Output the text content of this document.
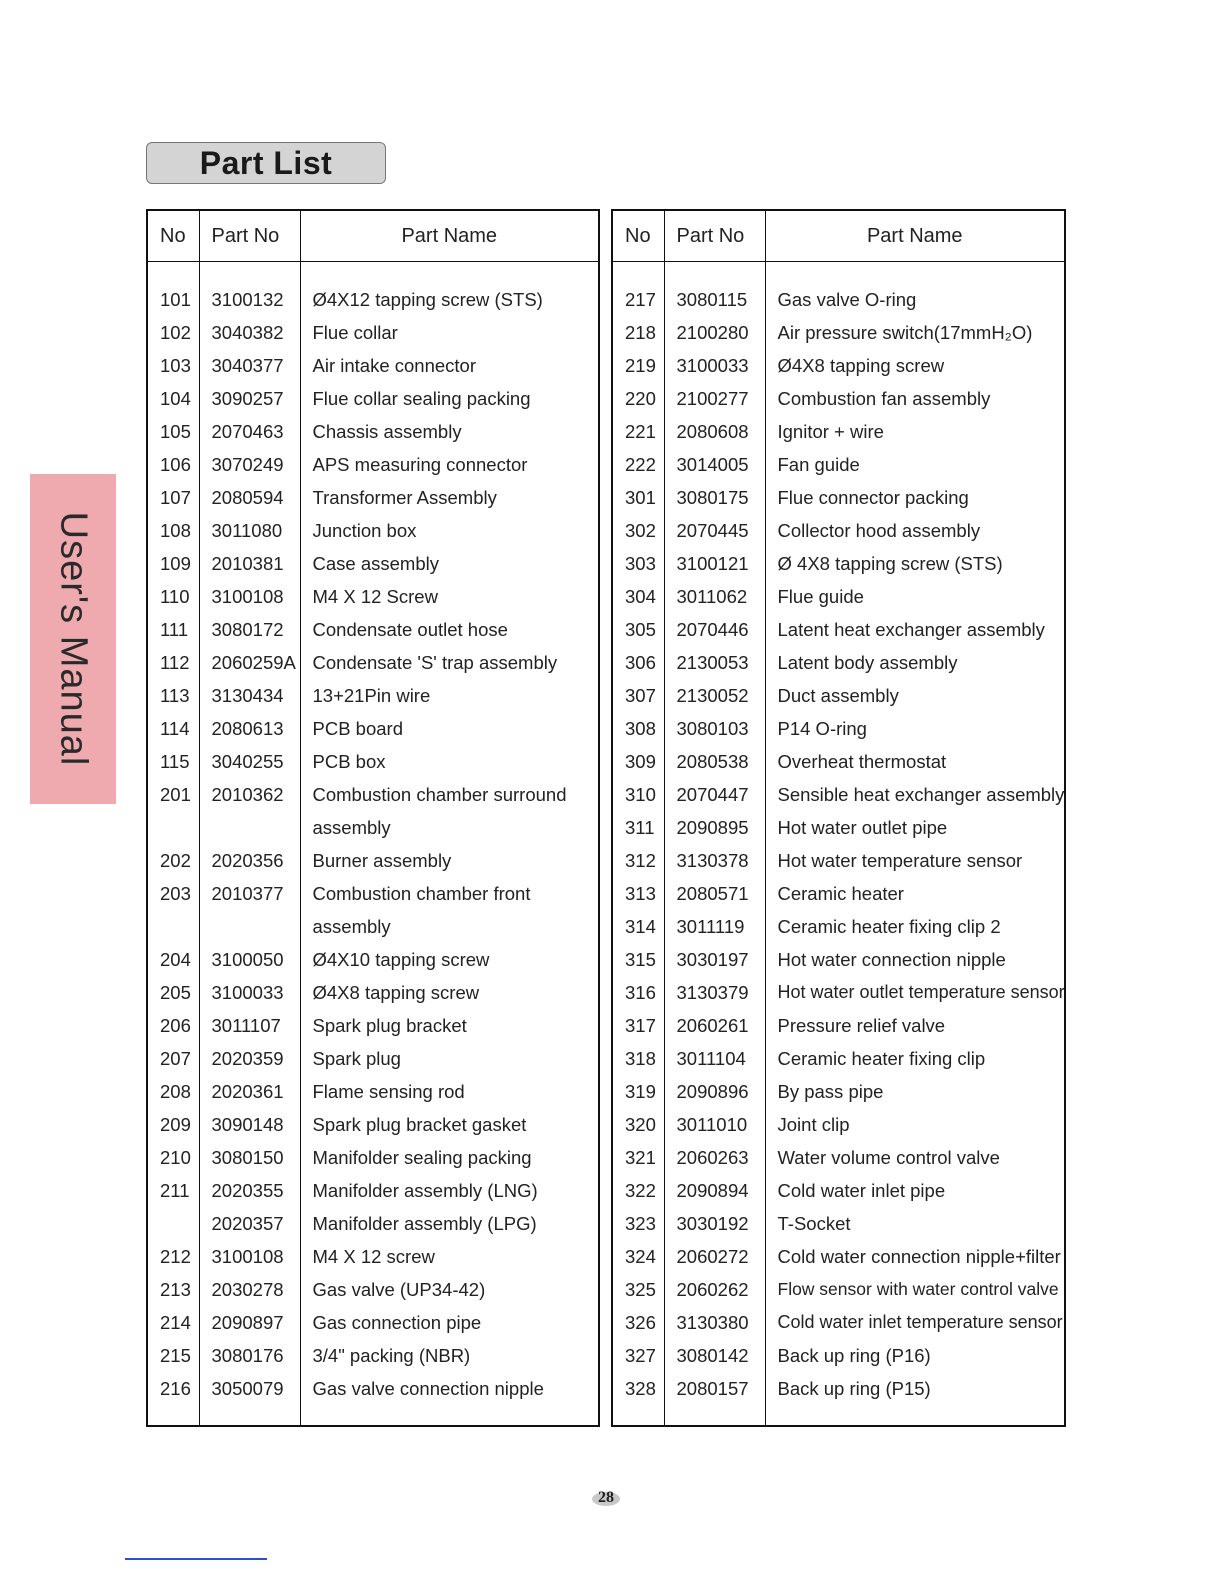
Part List
User's Manual
No	Part No	Part Name

101	3100132	Ø4X12 tapping screw (STS)
102	3040382	Flue collar
103	3040377	Air intake connector
104	3090257	Flue collar sealing packing
105	2070463	Chassis assembly
106	3070249	APS measuring connector
107	2080594	Transformer Assembly
108	3011080	Junction box
109	2010381	Case assembly
110	3100108	M4 X 12 Screw
111	3080172	Condensate outlet hose
112	2060259A	Condensate 'S' trap assembly
113	3130434	13+21Pin wire
114	2080613	PCB board
115	3040255	PCB box
201	2010362	Combustion chamber surround
		assembly
202	2020356	Burner assembly
203	2010377	Combustion chamber front
		assembly
204	3100050	Ø4X10 tapping screw
205	3100033	Ø4X8 tapping screw
206	3011107	Spark plug bracket
207	2020359	Spark plug
208	2020361	Flame sensing rod
209	3090148	Spark plug bracket gasket
210	3080150	Manifolder sealing packing
211	2020355	Manifolder assembly (LNG)
	2020357	Manifolder assembly (LPG)
212	3100108	M4 X 12 screw
213	2030278	Gas valve (UP34-42)
214	2090897	Gas connection pipe
215	3080176	3/4" packing (NBR)
216	3050079	Gas valve connection nipple

No	Part No	Part Name

217	3080115	Gas valve O-ring
218	2100280	Air pressure switch(17mmH₂O)
219	3100033	Ø4X8 tapping screw
220	2100277	Combustion fan assembly
221	2080608	Ignitor + wire
222	3014005	Fan guide
301	3080175	Flue connector packing
302	2070445	Collector hood assembly
303	3100121	Ø 4X8 tapping screw (STS)
304	3011062	Flue guide
305	2070446	Latent heat exchanger assembly
306	2130053	Latent body assembly
307	2130052	Duct assembly
308	3080103	P14 O-ring
309	2080538	Overheat thermostat
310	2070447	Sensible heat exchanger assembly
311	2090895	Hot water outlet pipe
312	3130378	Hot water temperature sensor
313	2080571	Ceramic heater
314	3011119	Ceramic heater fixing clip 2
315	3030197	Hot water connection nipple
316	3130379	Hot water outlet temperature sensor
317	2060261	Pressure relief valve
318	3011104	Ceramic heater fixing clip
319	2090896	By pass pipe
320	3011010	Joint clip
321	2060263	Water volume control valve
322	2090894	Cold water inlet pipe
323	3030192	T-Socket
324	2060272	Cold water connection nipple+filter
325	2060262	Flow sensor with water control valve
326	3130380	Cold water inlet temperature sensor
327	3080142	Back up ring (P16)
328	2080157	Back up ring (P15)

28
